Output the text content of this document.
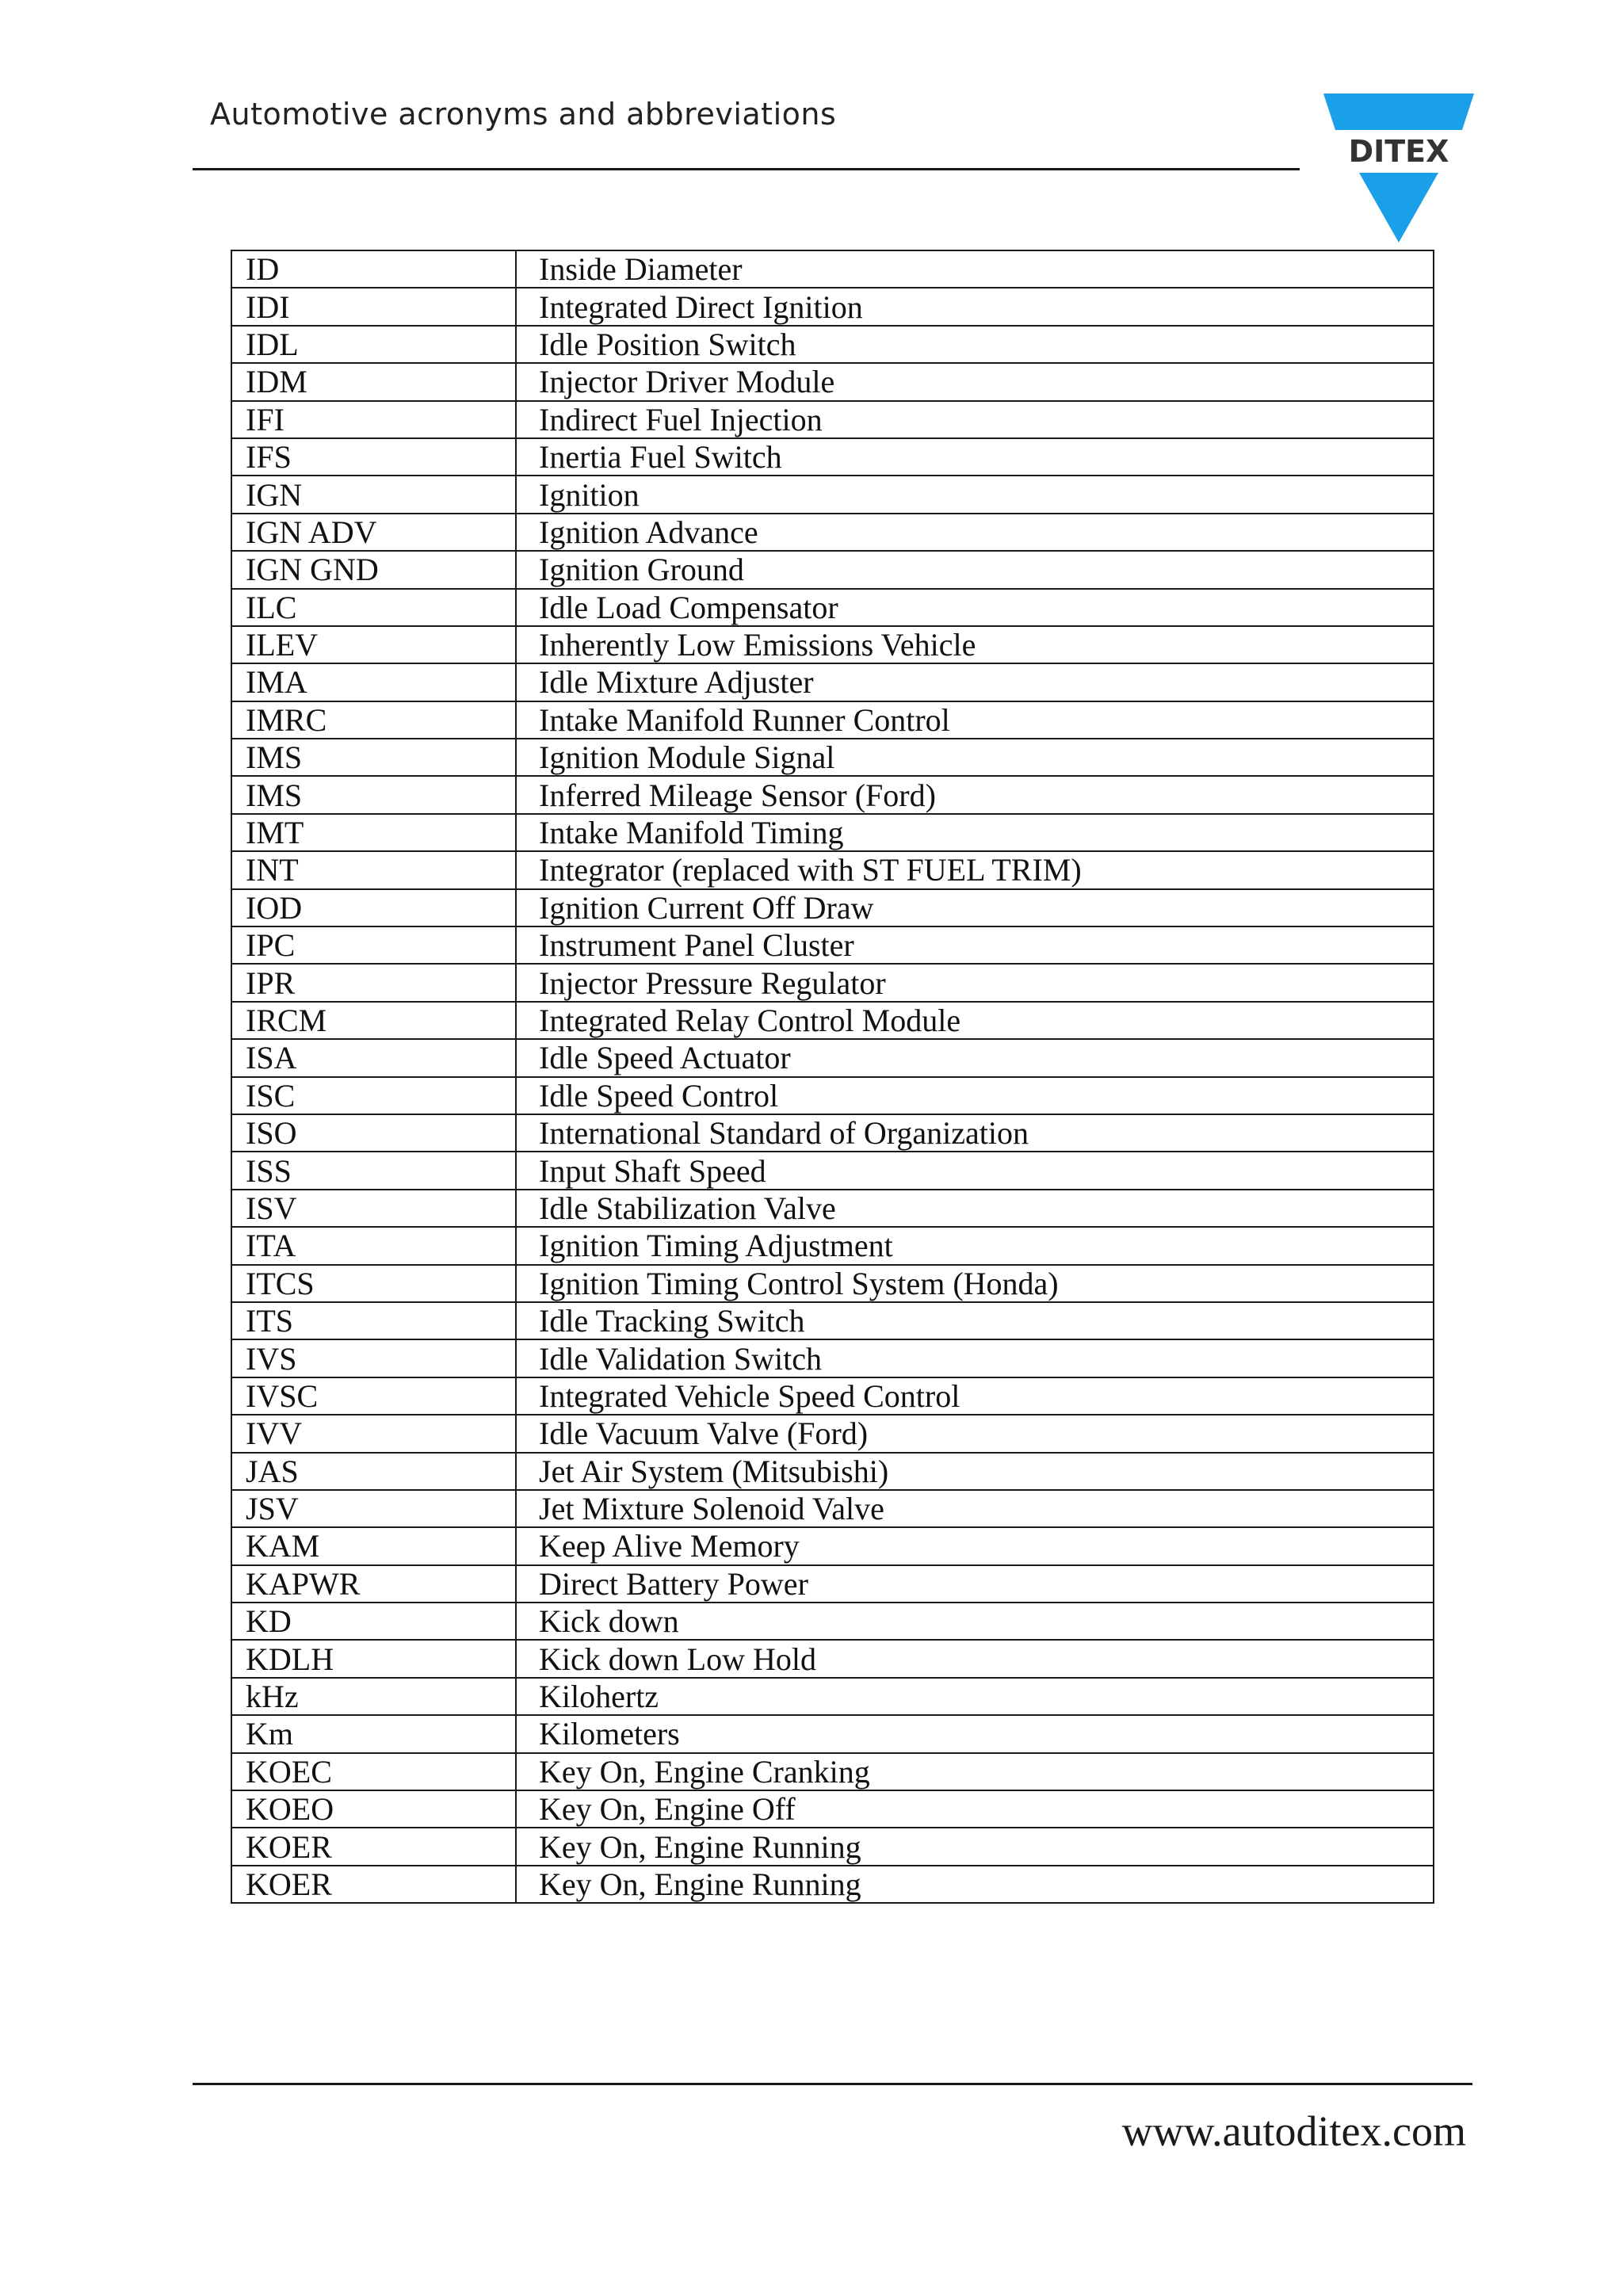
Automotive acronyms and abbreviations
DITEX
ID	Inside Diameter
IDI	Integrated Direct Ignition
IDL	Idle Position Switch
IDM	Injector Driver Module
IFI	Indirect Fuel Injection
IFS	Inertia Fuel Switch
IGN	Ignition
IGN ADV	Ignition Advance
IGN GND	Ignition Ground
ILC	Idle Load Compensator
ILEV	Inherently Low Emissions Vehicle
IMA	Idle Mixture Adjuster
IMRC	Intake Manifold Runner Control
IMS	Ignition Module Signal
IMS	Inferred Mileage Sensor (Ford)
IMT	Intake Manifold Timing
INT	Integrator (replaced with ST FUEL TRIM)
IOD	Ignition Current Off Draw
IPC	Instrument Panel Cluster
IPR	Injector Pressure Regulator
IRCM	Integrated Relay Control Module
ISA	Idle Speed Actuator
ISC	Idle Speed Control
ISO	International Standard of Organization
ISS	Input Shaft Speed
ISV	Idle Stabilization Valve
ITA	Ignition Timing Adjustment
ITCS	Ignition Timing Control System (Honda)
ITS	Idle Tracking Switch
IVS	Idle Validation Switch
IVSC	Integrated Vehicle Speed Control
IVV	Idle Vacuum Valve (Ford)
JAS	Jet Air System (Mitsubishi)
JSV	Jet Mixture Solenoid Valve
KAM	Keep Alive Memory
KAPWR	Direct Battery Power
KD	Kick down
KDLH	Kick down Low Hold
kHz	Kilohertz
Km	Kilometers
KOEC	Key On, Engine Cranking
KOEO	Key On, Engine Off
KOER	Key On, Engine Running
KOER	Key On, Engine Running
www.autoditex.com
